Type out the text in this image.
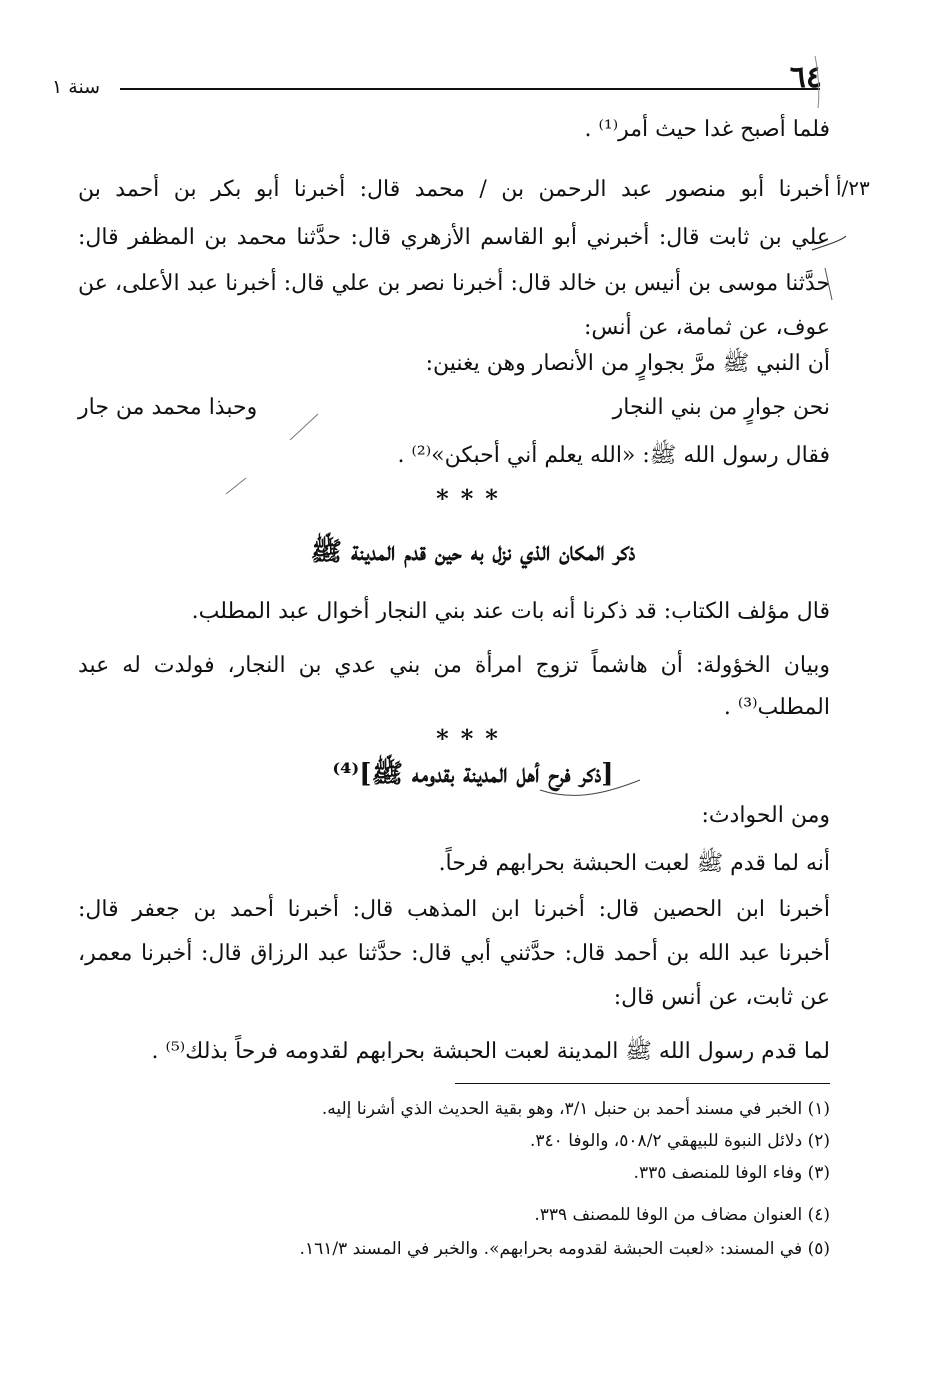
٦٤
سنة ١
٢٣/أ
فلما أصبح غدا حيث أمر⁽¹⁾ .
أخبرنا أبو منصور عبد الرحمن بن / محمد قال: أخبرنا أبو بكر بن أحمد بن
علي بن ثابت قال: أخبرني أبو القاسم الأزهري قال: حدَّثنا محمد بن المظفر قال:
حدَّثنا موسى بن أنيس بن خالد قال: أخبرنا نصر بن علي قال: أخبرنا عبد الأعلى، عن
عوف، عن ثمامة، عن أنس:
أن النبي ﷺ مرَّ بجوارٍ من الأنصار وهن يغنين:
نحن جوارٍ من بني النجار
وحبذا محمد من جار
فقال رسول الله ﷺ: «الله يعلم أني أحبكن»⁽²⁾ .
***
ذكر المكان الذي نزل به حين قدم المدينة ﷺ
قال مؤلف الكتاب: قد ذكرنا أنه بات عند بني النجار أخوال عبد المطلب.
وبيان الخؤولة: أن هاشماً تزوج امرأة من بني عدي بن النجار، فولدت له عبد
المطلب⁽³⁾ .
***
[ذكر فرح أهل المدينة بقدومه ﷺ]⁽⁴⁾
ومن الحوادث:
أنه لما قدم ﷺ لعبت الحبشة بحرابهم فرحاً.
أخبرنا ابن الحصين قال: أخبرنا ابن المذهب قال: أخبرنا أحمد بن جعفر قال:
أخبرنا عبد الله بن أحمد قال: حدَّثني أبي قال: حدَّثنا عبد الرزاق قال: أخبرنا معمر،
عن ثابت، عن أنس قال:
لما قدم رسول الله ﷺ المدينة لعبت الحبشة بحرابهم لقدومه فرحاً بذلك⁽⁵⁾ .
(١) الخبر في مسند أحمد بن حنبل ٣/١، وهو بقية الحديث الذي أشرنا إليه.
(٢) دلائل النبوة للبيهقي ٥٠٨/٢، والوفا ٣٤٠.
(٣) وفاء الوفا للمنصف ٣٣٥.
(٤) العنوان مضاف من الوفا للمصنف ٣٣٩.
(٥) في المسند: «لعبت الحبشة لقدومه بحرابهم». والخبر في المسند ١٦١/٣.
